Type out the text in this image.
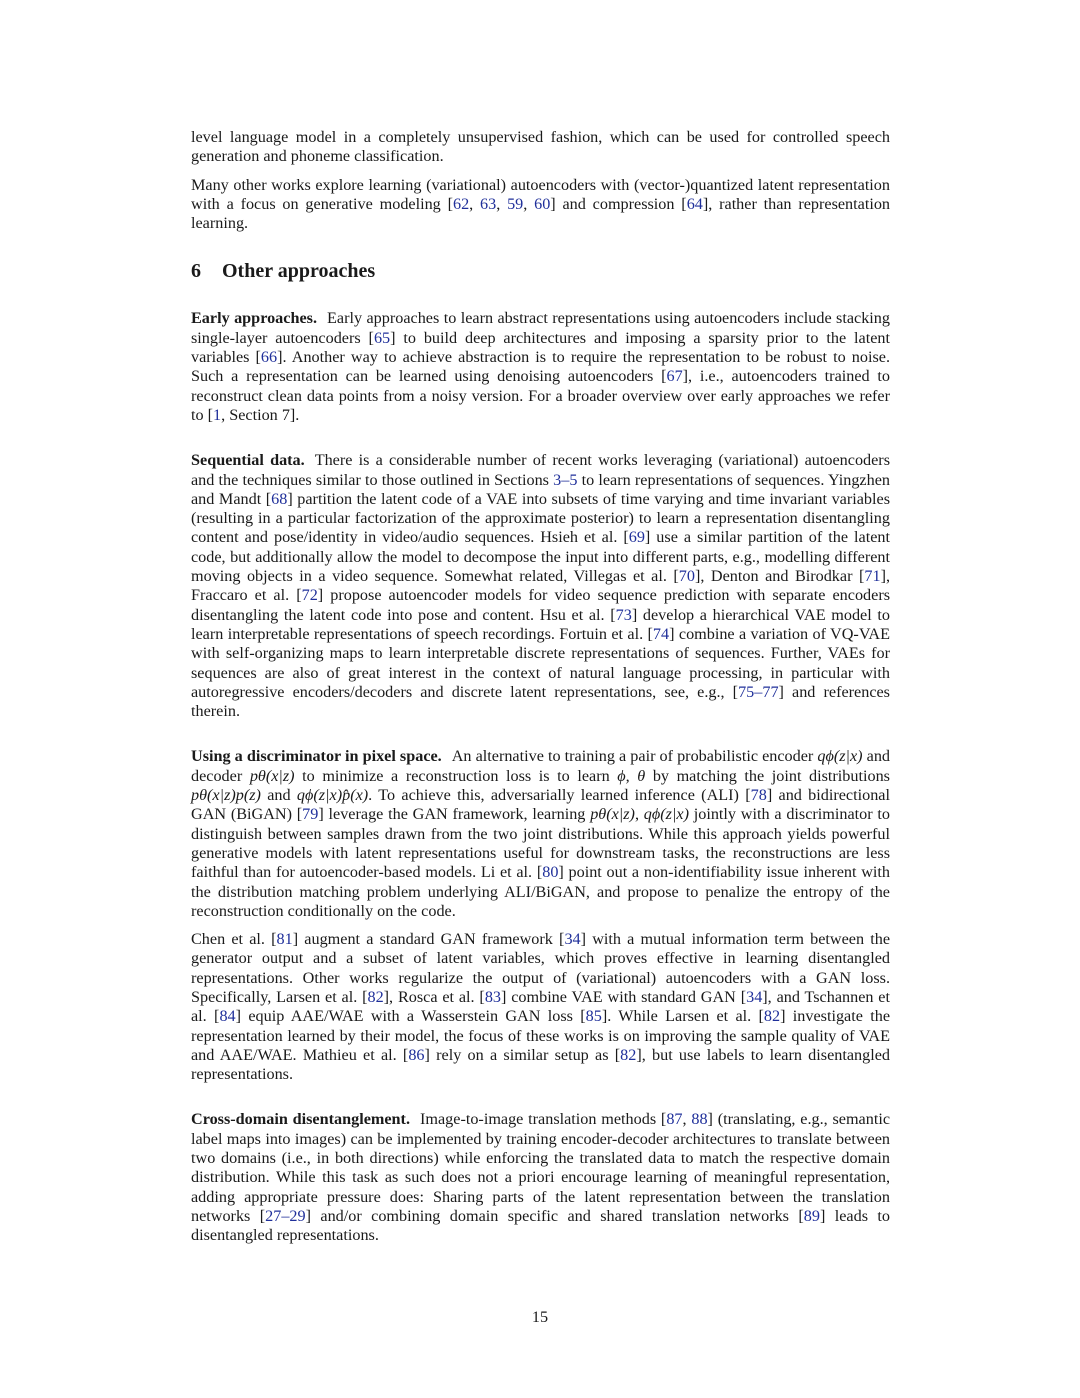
level language model in a completely unsupervised fashion, which can be used for controlled speech generation and phoneme classification.

Many other works explore learning (variational) autoencoders with (vector-)quantized latent representation with a focus on generative modeling [62, 63, 59, 60] and compression [64], rather than representation learning.

6 Other approaches

Early approaches. Early approaches to learn abstract representations using autoencoders include stacking single-layer autoencoders [65] to build deep architectures and imposing a sparsity prior to the latent variables [66]. Another way to achieve abstraction is to require the representation to be robust to noise. Such a representation can be learned using denoising autoencoders [67], i.e., autoencoders trained to reconstruct clean data points from a noisy version. For a broader overview over early approaches we refer to [1, Section 7].

Sequential data. There is a considerable number of recent works leveraging (variational) autoencoders and the techniques similar to those outlined in Sections 3–5 to learn representations of sequences. Yingzhen and Mandt [68] partition the latent code of a VAE into subsets of time varying and time invariant variables (resulting in a particular factorization of the approximate posterior) to learn a representation disentangling content and pose/identity in video/audio sequences. Hsieh et al. [69] use a similar partition of the latent code, but additionally allow the model to decompose the input into different parts, e.g., modelling different moving objects in a video sequence. Somewhat related, Villegas et al. [70], Denton and Birodkar [71], Fraccaro et al. [72] propose autoencoder models for video sequence prediction with separate encoders disentangling the latent code into pose and content. Hsu et al. [73] develop a hierarchical VAE model to learn interpretable representations of speech recordings. Fortuin et al. [74] combine a variation of VQ-VAE with self-organizing maps to learn interpretable discrete representations of sequences. Further, VAEs for sequences are also of great interest in the context of natural language processing, in particular with autoregressive encoders/decoders and discrete latent representations, see, e.g., [75–77] and references therein.

Using a discriminator in pixel space. An alternative to training a pair of probabilistic encoder qϕ(z|x) and decoder pθ(x|z) to minimize a reconstruction loss is to learn ϕ, θ by matching the joint distributions pθ(x|z)p(z) and qϕ(z|x)p̂(x). To achieve this, adversarially learned inference (ALI) [78] and bidirectional GAN (BiGAN) [79] leverage the GAN framework, learning pθ(x|z), qϕ(z|x) jointly with a discriminator to distinguish between samples drawn from the two joint distributions. While this approach yields powerful generative models with latent representations useful for downstream tasks, the reconstructions are less faithful than for autoencoder-based models. Li et al. [80] point out a non-identifiability issue inherent with the distribution matching problem underlying ALI/BiGAN, and propose to penalize the entropy of the reconstruction conditionally on the code.

Chen et al. [81] augment a standard GAN framework [34] with a mutual information term between the generator output and a subset of latent variables, which proves effective in learning disentangled representations. Other works regularize the output of (variational) autoencoders with a GAN loss. Specifically, Larsen et al. [82], Rosca et al. [83] combine VAE with standard GAN [34], and Tschannen et al. [84] equip AAE/WAE with a Wasserstein GAN loss [85]. While Larsen et al. [82] investigate the representation learned by their model, the focus of these works is on improving the sample quality of VAE and AAE/WAE. Mathieu et al. [86] rely on a similar setup as [82], but use labels to learn disentangled representations.

Cross-domain disentanglement. Image-to-image translation methods [87, 88] (translating, e.g., semantic label maps into images) can be implemented by training encoder-decoder architectures to translate between two domains (i.e., in both directions) while enforcing the translated data to match the respective domain distribution. While this task as such does not a priori encourage learning of meaningful representation, adding appropriate pressure does: Sharing parts of the latent representation between the translation networks [27–29] and/or combining domain specific and shared translation networks [89] leads to disentangled representations.

15
